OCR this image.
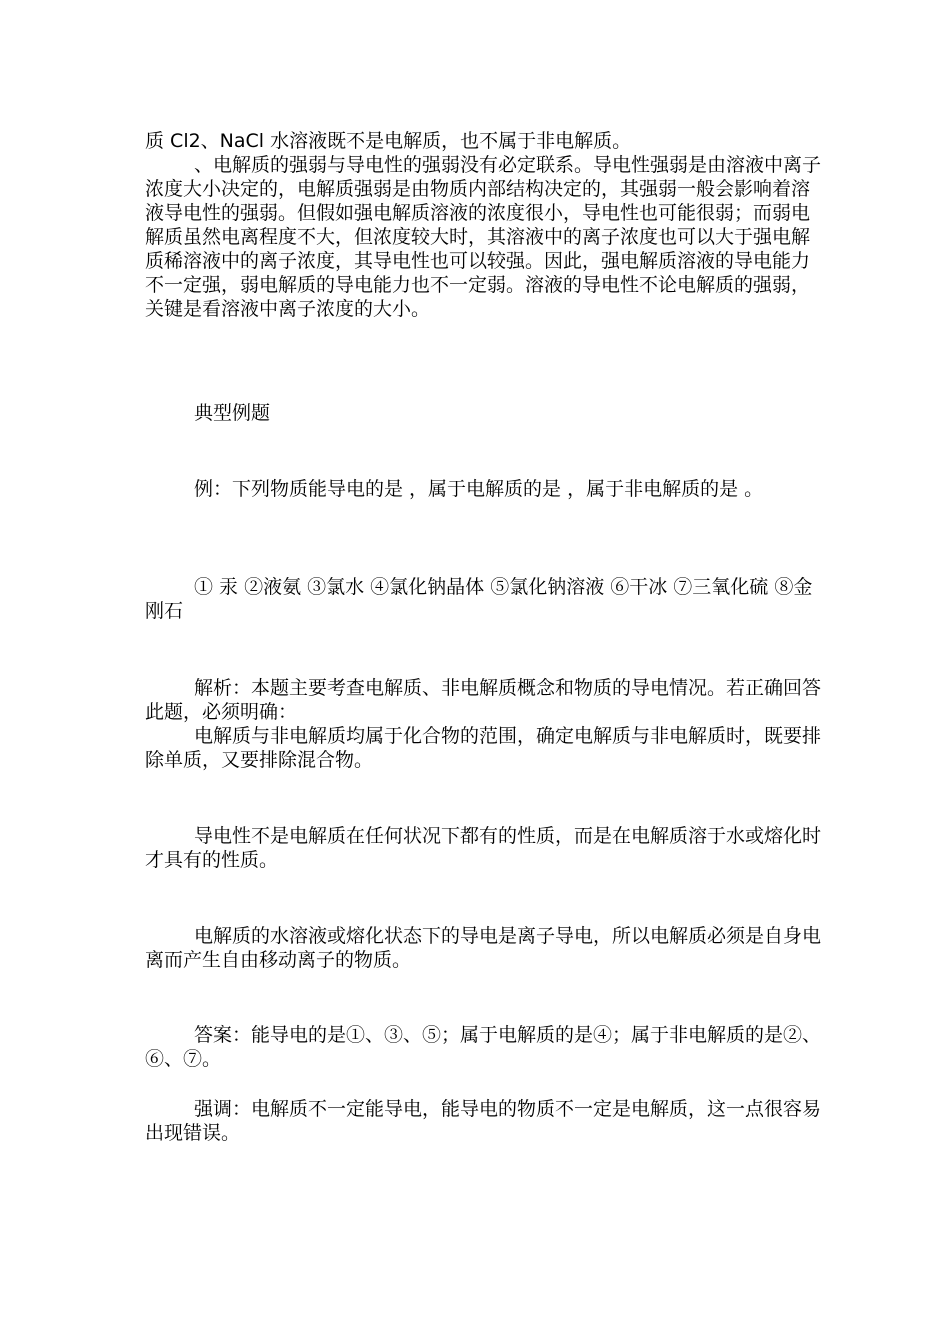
质 Cl2、NaCl 水溶液既不是电解质，也不属于非电解质。

、电解质的强弱与导电性的强弱没有必定联系。导电性强弱是由溶液中离子浓度大小决定的，电解质强弱是由物质内部结构决定的，其强弱一般会影响着溶液导电性的强弱。但假如强电解质溶液的浓度很小，导电性也可能很弱；而弱电解质虽然电离程度不大，但浓度较大时，其溶液中的离子浓度也可以大于强电解质稀溶液中的离子浓度，其导电性也可以较强。因此，强电解质溶液的导电能力不一定强，弱电解质的导电能力也不一定弱。溶液的导电性不论电解质的强弱，关键是看溶液中离子浓度的大小。

典型例题

例：下列物质能导电的是 ，属于电解质的是 ，属于非电解质的是 。

① 汞 ②液氨 ③氯水 ④氯化钠晶体 ⑤氯化钠溶液 ⑥干冰 ⑦三氧化硫 ⑧金刚石

解析：本题主要考查电解质、非电解质概念和物质的导电情况。若正确回答此题，必须明确：

电解质与非电解质均属于化合物的范围，确定电解质与非电解质时，既要排除单质，又要排除混合物。

导电性不是电解质在任何状况下都有的性质，而是在电解质溶于水或熔化时才具有的性质。

电解质的水溶液或熔化状态下的导电是离子导电，所以电解质必须是自身电离而产生自由移动离子的物质。

答案：能导电的是①、③、⑤；属于电解质的是④；属于非电解质的是②、⑥、⑦。

强调：电解质不一定能导电，能导电的物质不一定是电解质，这一点很容易出现错误。
